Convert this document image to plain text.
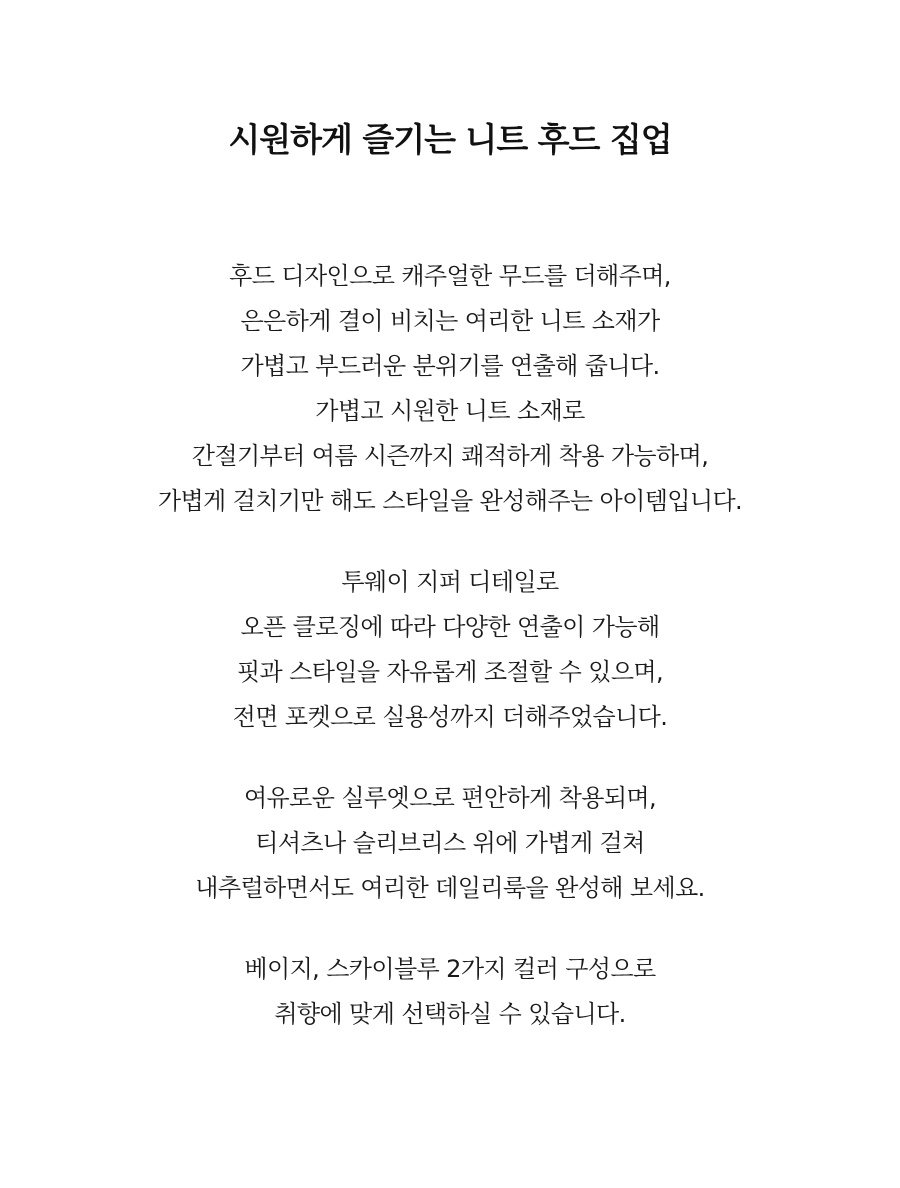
시원하게 즐기는 니트 후드 집업

후드 디자인으로 캐주얼한 무드를 더해주며,
은은하게 결이 비치는 여리한 니트 소재가
가볍고 부드러운 분위기를 연출해 줍니다.
가볍고 시원한 니트 소재로
간절기부터 여름 시즌까지 쾌적하게 착용 가능하며,
가볍게 걸치기만 해도 스타일을 완성해주는 아이템입니다.

투웨이 지퍼 디테일로
오픈 클로징에 따라 다양한 연출이 가능해
핏과 스타일을 자유롭게 조절할 수 있으며,
전면 포켓으로 실용성까지 더해주었습니다.

여유로운 실루엣으로 편안하게 착용되며,
티셔츠나 슬리브리스 위에 가볍게 걸쳐
내추럴하면서도 여리한 데일리룩을 완성해 보세요.

베이지, 스카이블루 2가지 컬러 구성으로
취향에 맞게 선택하실 수 있습니다.
